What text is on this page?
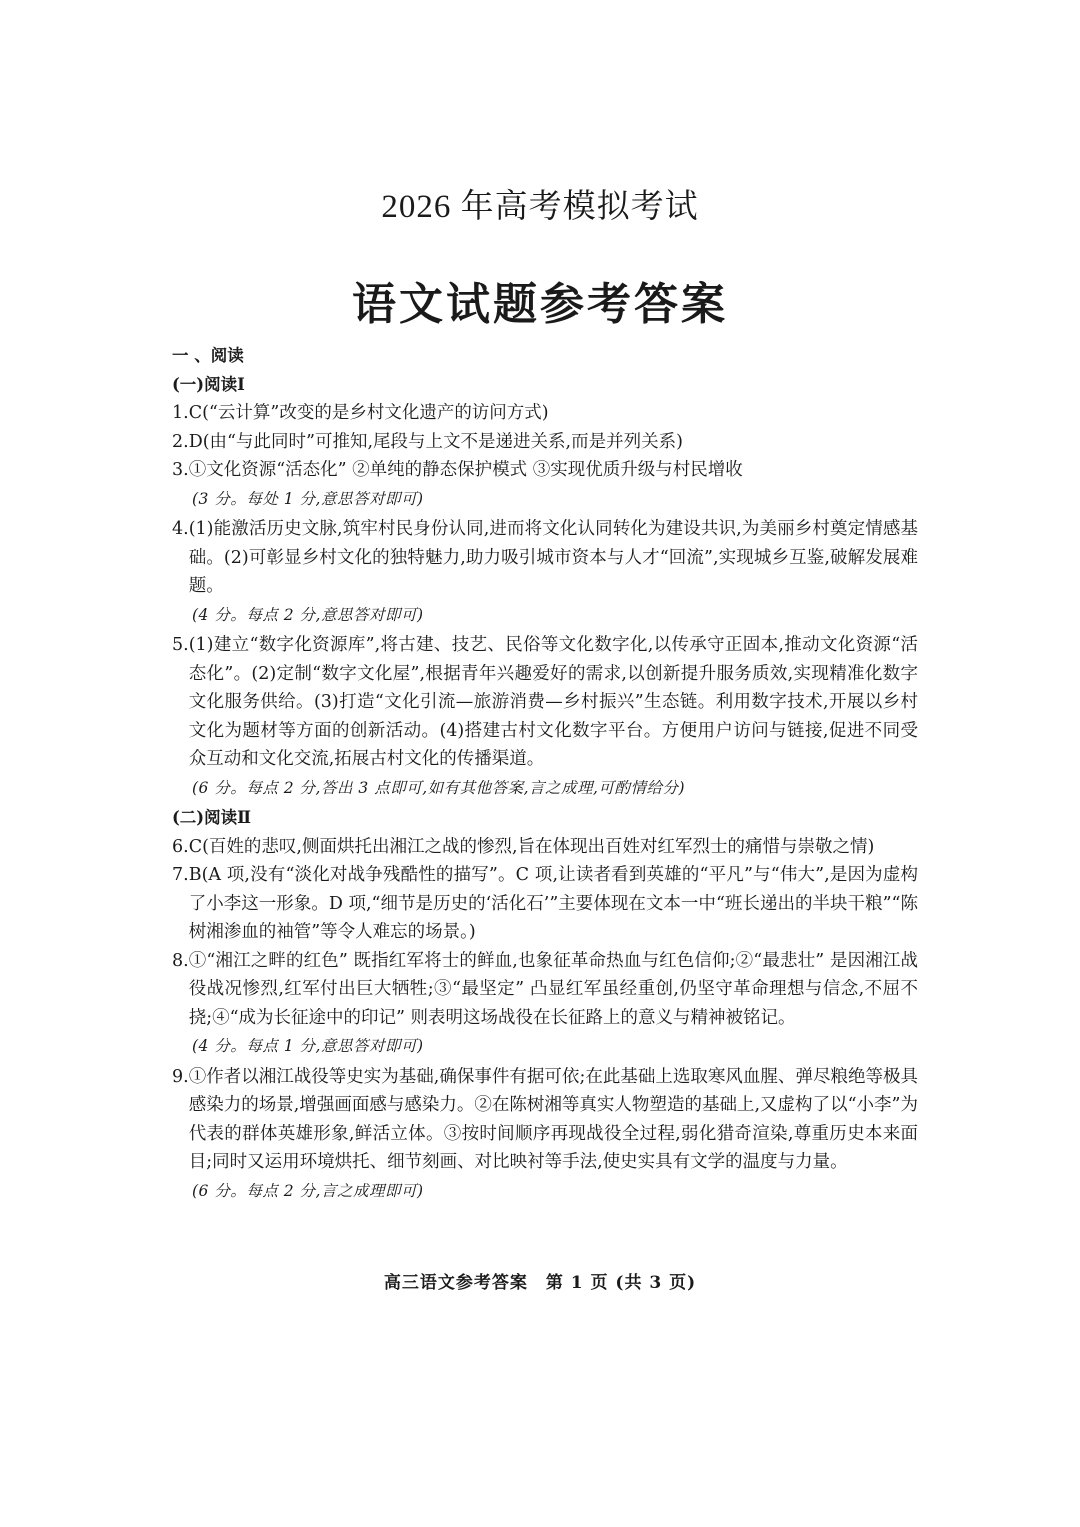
2026 年高考模拟考试
语文试题参考答案
一 、阅读
(一)阅读Ⅰ
1. C(“云计算”改变的是乡村文化遗产的访问方式)
2. D(由“与此同时”可推知,尾段与上文不是递进关系,而是并列关系)
3. ①文化资源“活态化” ②单纯的静态保护模式 ③实现优质升级与村民增收
(3 分。每处 1 分,意思答对即可)
4. (1)能激活历史文脉,筑牢村民身份认同,进而将文化认同转化为建设共识,为美丽乡村奠定情感基础。(2)可彰显乡村文化的独特魅力,助力吸引城市资本与人才“回流”,实现城乡互鉴,破解发展难题。
(4 分。每点 2 分,意思答对即可)
5. (1)建立“数字化资源库”,将古建、技艺、民俗等文化数字化,以传承守正固本,推动文化资源“活态化”。(2)定制“数字文化屋”,根据青年兴趣爱好的需求,以创新提升服务质效,实现精准化数字文化服务供给。(3)打造“文化引流—旅游消费—乡村振兴”生态链。利用数字技术,开展以乡村文化为题材等方面的创新活动。(4)搭建古村文化数字平台。方便用户访问与链接,促进不同受众互动和文化交流,拓展古村文化的传播渠道。
(6 分。每点 2 分,答出 3 点即可,如有其他答案,言之成理,可酌情给分)
(二)阅读Ⅱ
6. C(百姓的悲叹,侧面烘托出湘江之战的惨烈,旨在体现出百姓对红军烈士的痛惜与崇敬之情)
7. B(A 项,没有“淡化对战争残酷性的描写”。C 项,让读者看到英雄的“平凡”与“伟大”,是因为虚构了小李这一形象。D 项,“细节是历史的‘活化石’”主要体现在文本一中“班长递出的半块干粮”“陈树湘渗血的袖管”等令人难忘的场景。)
8. ①“湘江之畔的红色” 既指红军将士的鲜血,也象征革命热血与红色信仰;②“最悲壮” 是因湘江战役战况惨烈,红军付出巨大牺牲;③“最坚定” 凸显红军虽经重创,仍坚守革命理想与信念,不屈不挠;④“成为长征途中的印记” 则表明这场战役在长征路上的意义与精神被铭记。
(4 分。每点 1 分,意思答对即可)
9. ①作者以湘江战役等史实为基础,确保事件有据可依;在此基础上选取寒风血腥、弹尽粮绝等极具感染力的场景,增强画面感与感染力。②在陈树湘等真实人物塑造的基础上,又虚构了以“小李”为代表的群体英雄形象,鲜活立体。③按时间顺序再现战役全过程,弱化猎奇渲染,尊重历史本来面目;同时又运用环境烘托、细节刻画、对比映衬等手法,使史实具有文学的温度与力量。
(6 分。每点 2 分,言之成理即可)
高三语文参考答案　第 1 页 (共 3 页)
